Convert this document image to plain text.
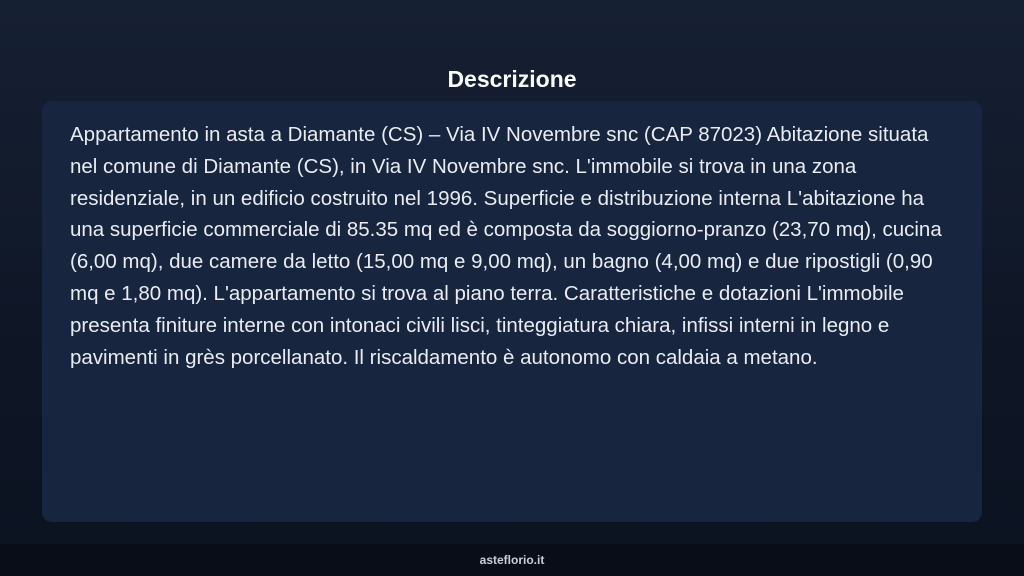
Descrizione

Appartamento in asta a Diamante (CS) – Via IV Novembre snc (CAP 87023) Abitazione situata nel comune di Diamante (CS), in Via IV Novembre snc. L'immobile si trova in una zona residenziale, in un edificio costruito nel 1996. Superficie e distribuzione interna L'abitazione ha una superficie commerciale di 85.35 mq ed è composta da soggiorno-pranzo (23,70 mq), cucina (6,00 mq), due camere da letto (15,00 mq e 9,00 mq), un bagno (4,00 mq) e due ripostigli (0,90 mq e 1,80 mq). L'appartamento si trova al piano terra. Caratteristiche e dotazioni L'immobile presenta finiture interne con intonaci civili lisci, tinteggiatura chiara, infissi interni in legno e pavimenti in grès porcellanato. Il riscaldamento è autonomo con caldaia a metano.

asteflorio.it
